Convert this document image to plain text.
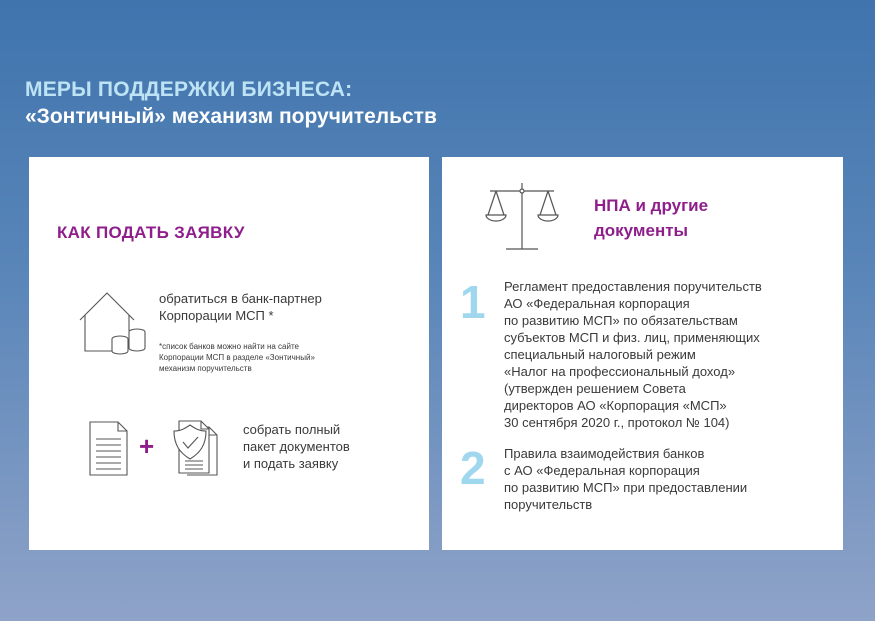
МЕРЫ ПОДДЕРЖКИ БИЗНЕСА:
«Зонтичный» механизм поручительств
КАК ПОДАТЬ ЗАЯВКУ
обратиться в банк-партнер
Корпорации МСП *
*список банков можно найти на сайте
Корпорации МСП в разделе «Зонтичный»
механизм поручительств
+
собрать полный
пакет документов
и подать заявку
НПА и другие
документы
1 Регламент предоставления поручительств
АО «Федеральная корпорация
по развитию МСП» по обязательствам
субъектов МСП и физ. лиц, применяющих
специальный налоговый режим
«Налог на профессиональный доход»
(утвержден решением Совета
директоров АО «Корпорация «МСП»
30 сентября 2020 г., протокол № 104)
2 Правила взаимодействия банков
с АО «Федеральная корпорация
по развитию МСП» при предоставлении
поручительств
